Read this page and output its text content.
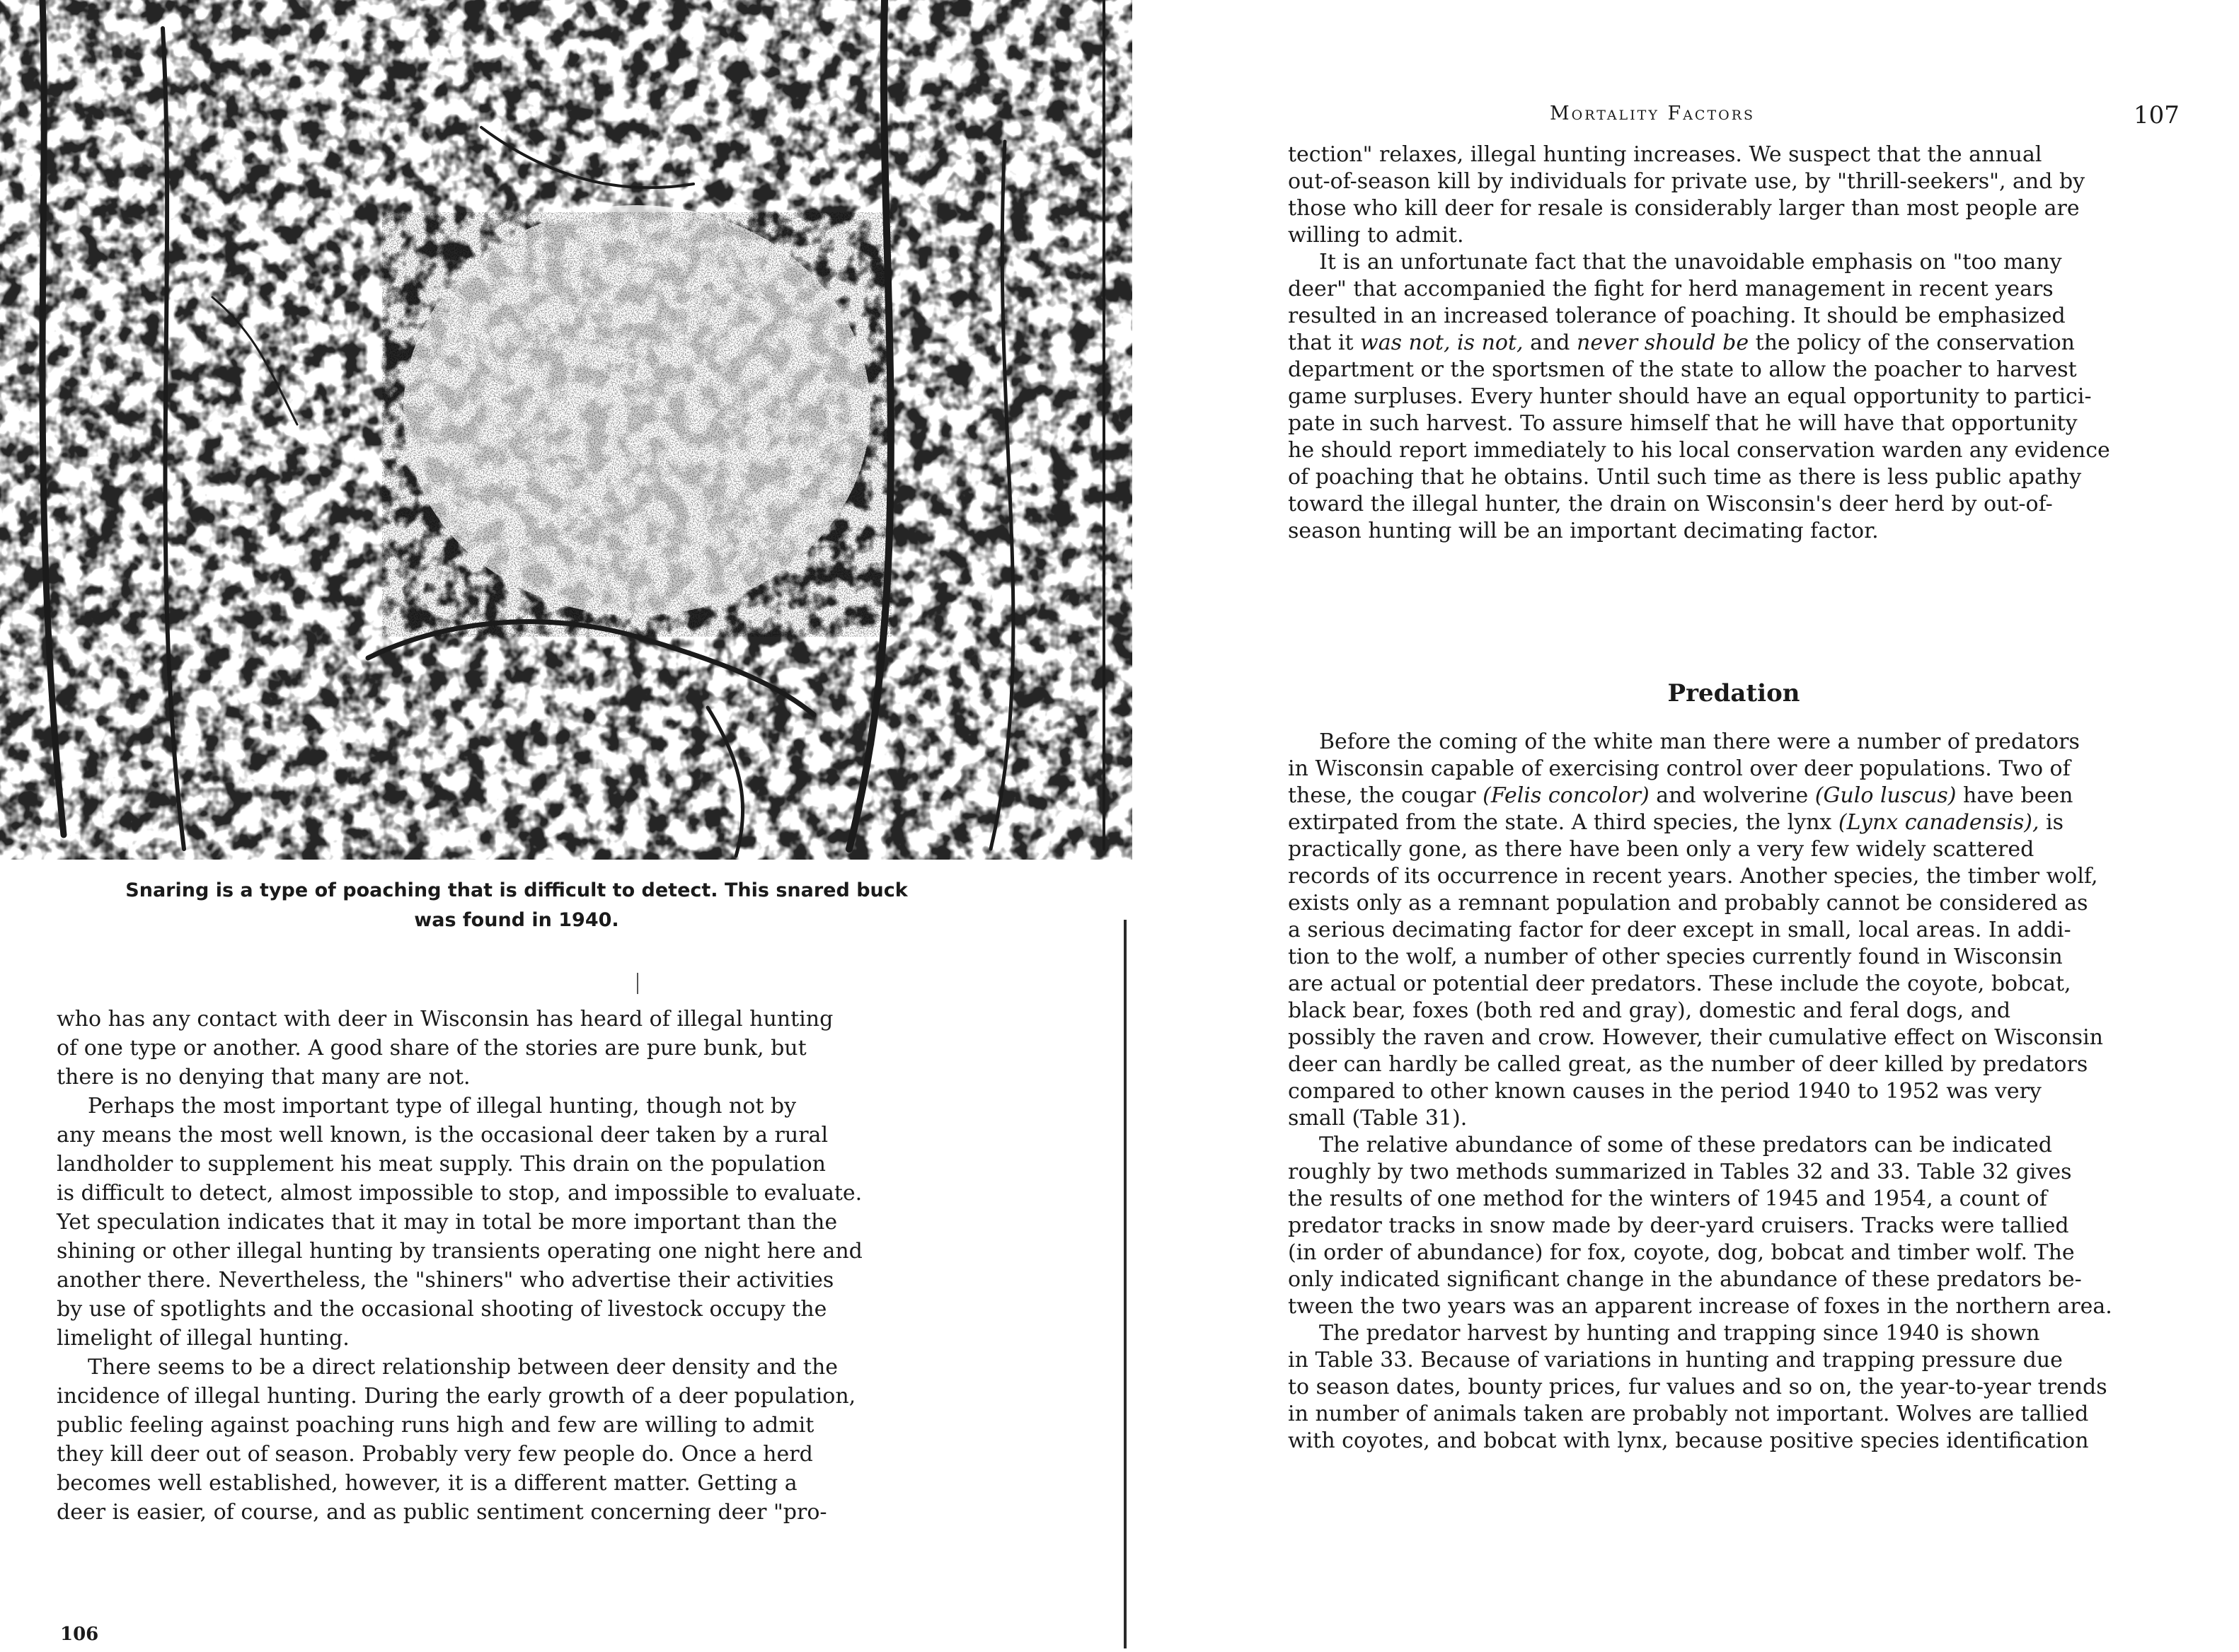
Snaring is a type of poaching that is difficult to detect. This snared buck
was found in 1940.
who has any contact with deer in Wisconsin has heard of illegal hunting
of one type or another. A good share of the stories are pure bunk, but
there is no denying that many are not.
Perhaps the most important type of illegal hunting, though not by
any means the most well known, is the occasional deer taken by a rural
landholder to supplement his meat supply. This drain on the population
is difficult to detect, almost impossible to stop, and impossible to evaluate.
Yet speculation indicates that it may in total be more important than the
shining or other illegal hunting by transients operating one night here and
another there. Nevertheless, the "shiners" who advertise their activities
by use of spotlights and the occasional shooting of livestock occupy the
limelight of illegal hunting.
There seems to be a direct relationship between deer density and the
incidence of illegal hunting. During the early growth of a deer population,
public feeling against poaching runs high and few are willing to admit
they kill deer out of season. Probably very few people do. Once a herd
becomes well established, however, it is a different matter. Getting a
deer is easier, of course, and as public sentiment concerning deer "pro-
106
Mortality Factors	107
tection" relaxes, illegal hunting increases. We suspect that the annual
out-of-season kill by individuals for private use, by "thrill-seekers", and by
those who kill deer for resale is considerably larger than most people are
willing to admit.
It is an unfortunate fact that the unavoidable emphasis on "too many
deer" that accompanied the fight for herd management in recent years
resulted in an increased tolerance of poaching. It should be emphasized
that it was not, is not, and never should be the policy of the conservation
department or the sportsmen of the state to allow the poacher to harvest
game surpluses. Every hunter should have an equal opportunity to partici-
pate in such harvest. To assure himself that he will have that opportunity
he should report immediately to his local conservation warden any evidence
of poaching that he obtains. Until such time as there is less public apathy
toward the illegal hunter, the drain on Wisconsin's deer herd by out-of-
season hunting will be an important decimating factor.
Predation
Before the coming of the white man there were a number of predators
in Wisconsin capable of exercising control over deer populations. Two of
these, the cougar (Felis concolor) and wolverine (Gulo luscus) have been
extirpated from the state. A third species, the lynx (Lynx canadensis), is
practically gone, as there have been only a very few widely scattered
records of its occurrence in recent years. Another species, the timber wolf,
exists only as a remnant population and probably cannot be considered as
a serious decimating factor for deer except in small, local areas. In addi-
tion to the wolf, a number of other species currently found in Wisconsin
are actual or potential deer predators. These include the coyote, bobcat,
black bear, foxes (both red and gray), domestic and feral dogs, and
possibly the raven and crow. However, their cumulative effect on Wisconsin
deer can hardly be called great, as the number of deer killed by predators
compared to other known causes in the period 1940 to 1952 was very
small (Table 31).
The relative abundance of some of these predators can be indicated
roughly by two methods summarized in Tables 32 and 33. Table 32 gives
the results of one method for the winters of 1945 and 1954, a count of
predator tracks in snow made by deer-yard cruisers. Tracks were tallied
(in order of abundance) for fox, coyote, dog, bobcat and timber wolf. The
only indicated significant change in the abundance of these predators be-
tween the two years was an apparent increase of foxes in the northern area.
The predator harvest by hunting and trapping since 1940 is shown
in Table 33. Because of variations in hunting and trapping pressure due
to season dates, bounty prices, fur values and so on, the year-to-year trends
in number of animals taken are probably not important. Wolves are tallied
with coyotes, and bobcat with lynx, because positive species identification
